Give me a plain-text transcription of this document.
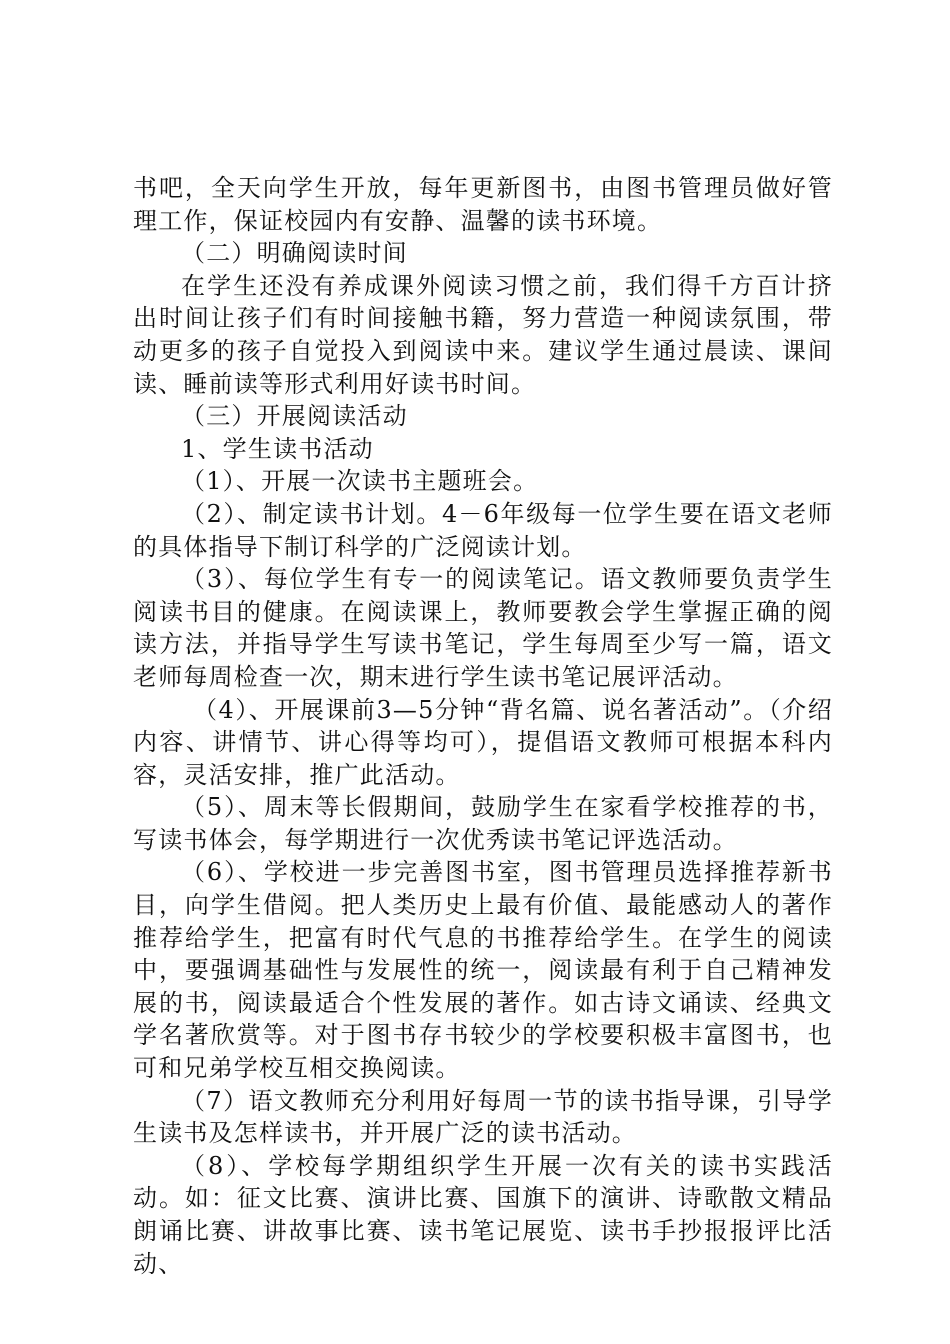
书吧，全天向学生开放，每年更新图书，由图书管理员做好管理工作，保证校园内有安静、温馨的读书环境。

（二）明确阅读时间

在学生还没有养成课外阅读习惯之前，我们得千方百计挤出时间让孩子们有时间接触书籍，努力营造一种阅读氛围，带动更多的孩子自觉投入到阅读中来。建议学生通过晨读、课间读、睡前读等形式利用好读书时间。

（三）开展阅读活动

1、学生读书活动

（1）、开展一次读书主题班会。

（2）、制定读书计划。4－6年级每一位学生要在语文老师的具体指导下制订科学的广泛阅读计划。

（3）、每位学生有专一的阅读笔记。语文教师要负责学生阅读书目的健康。在阅读课上，教师要教会学生掌握正确的阅读方法，并指导学生写读书笔记，学生每周至少写一篇，语文老师每周检查一次，期末进行学生读书笔记展评活动。

（4）、开展课前3—5分钟“背名篇、说名著活动”。（介绍内容、讲情节、讲心得等均可），提倡语文教师可根据本科内容，灵活安排，推广此活动。

（5）、周末等长假期间，鼓励学生在家看学校推荐的书，写读书体会，每学期进行一次优秀读书笔记评选活动。

（6）、学校进一步完善图书室，图书管理员选择推荐新书目，向学生借阅。把人类历史上最有价值、最能感动人的著作推荐给学生，把富有时代气息的书推荐给学生。在学生的阅读中，要强调基础性与发展性的统一，阅读最有利于自己精神发展的书，阅读最适合个性发展的著作。如古诗文诵读、经典文学名著欣赏等。对于图书存书较少的学校要积极丰富图书，也可和兄弟学校互相交换阅读。

（7）语文教师充分利用好每周一节的读书指导课，引导学生读书及怎样读书，并开展广泛的读书活动。

（8）、学校每学期组织学生开展一次有关的读书实践活动。如：征文比赛、演讲比赛、国旗下的演讲、诗歌散文精品朗诵比赛、讲故事比赛、读书笔记展览、读书手抄报报评比活动、
